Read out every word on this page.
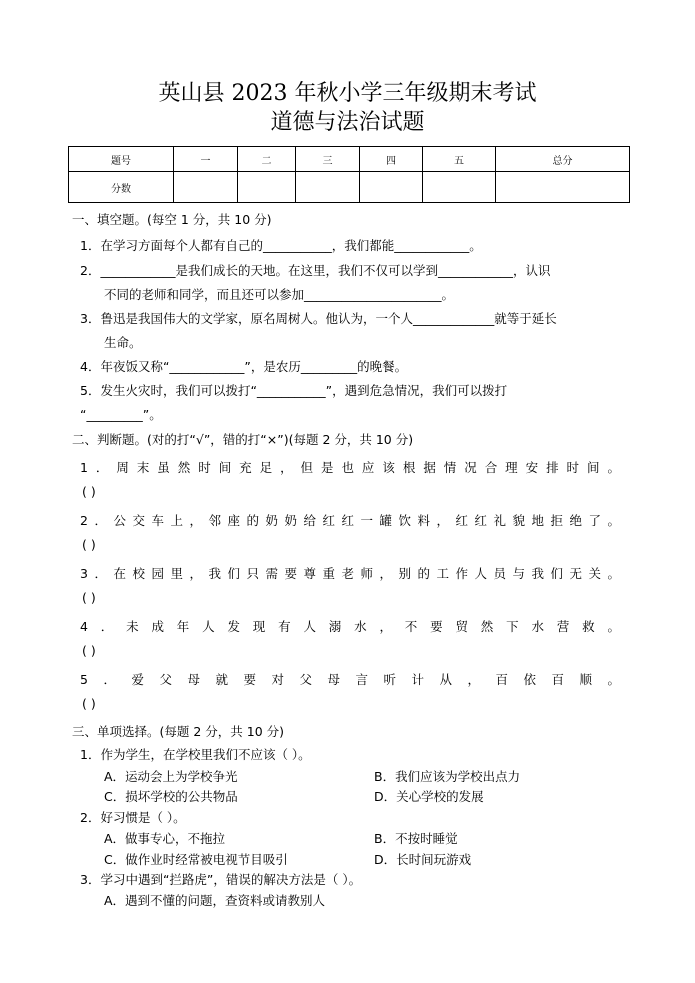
英山县 2023 年秋小学三年级期末考试
道德与法治试题
题号	一	二	三	四	五	总分
分数						
一、填空题。(每空 1 分，共 10 分)
1．在学习方面每个人都有自己的___________，我们都能____________。
2．____________是我们成长的天地。在这里，我们不仅可以学到____________，认识
不同的老师和同学，而且还可以参加______________________。
3．鲁迅是我国伟大的文学家，原名周树人。他认为，一个人_____________就等于延长
生命。
4．年夜饭又称“____________”，是农历_________的晚餐。
5．发生火灾时，我们可以拨打“___________”，遇到危急情况，我们可以拨打
“_________”。
二、判断题。(对的打“√”，错的打“×”)(每题 2 分，共 10 分)
1．周末虽然时间充足，但是也应该根据情况合理安排时间。
( )
2．公交车上，邻座的奶奶给红红一罐饮料，红红礼貌地拒绝了。
( )
3．在校园里，我们只需要尊重老师，别的工作人员与我们无关。
( )
4．未成年人发现有人溺水，不要贸然下水营救。
( )
5．爱父母就要对父母言听计从，百依百顺。
( )
三、单项选择。(每题 2 分，共 10 分)
1．作为学生，在学校里我们不应该（ ）。
A．运动会上为学校争光	B．我们应该为学校出点力
C．损坏学校的公共物品	D．关心学校的发展
2．好习惯是（ ）。
A．做事专心，不拖拉	B．不按时睡觉
C．做作业时经常被电视节目吸引	D．长时间玩游戏
3．学习中遇到“拦路虎”，错误的解决方法是（ ）。
A．遇到不懂的问题，查资料或请教别人
